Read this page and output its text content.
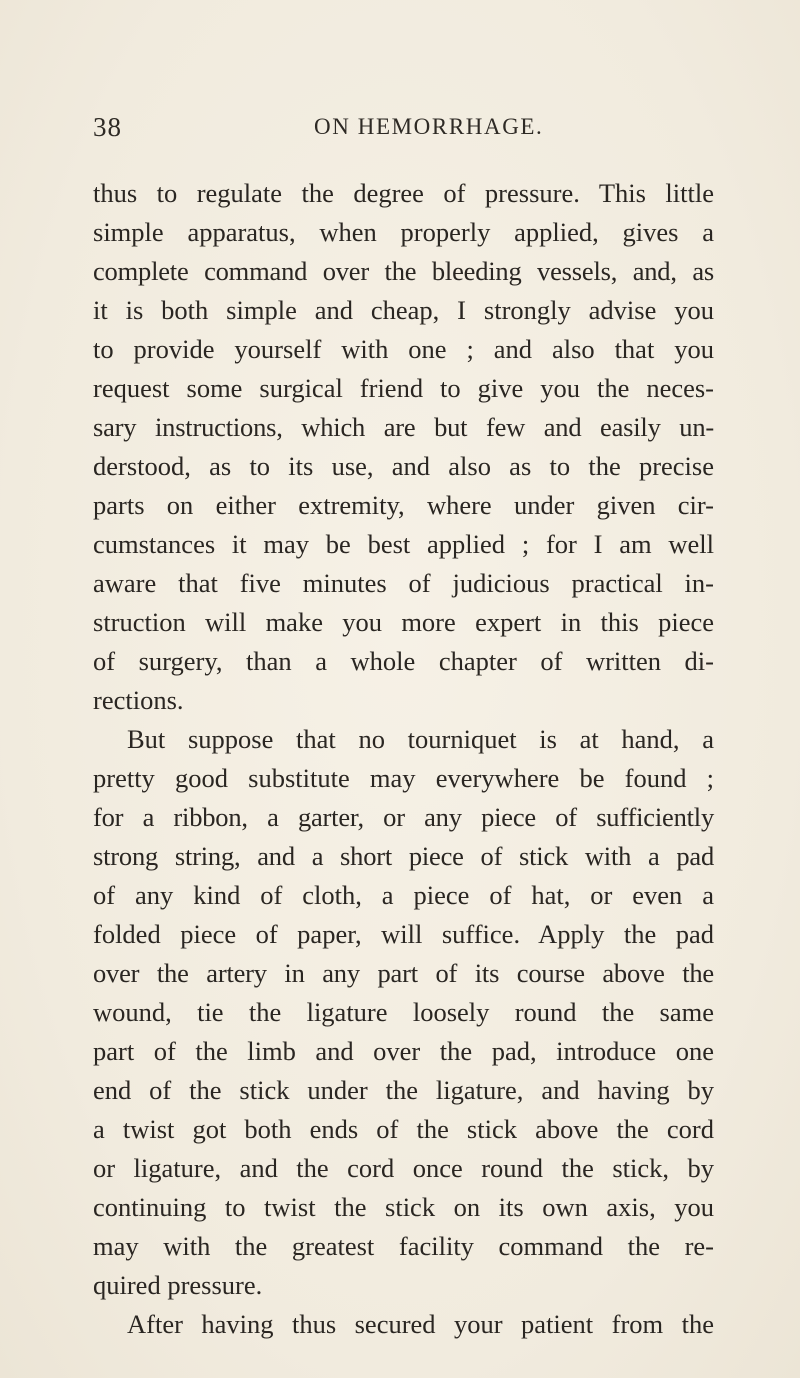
38	ON HEMORRHAGE.
thus to regulate the degree of pressure. This little
simple apparatus, when properly applied, gives a
complete command over the bleeding vessels, and, as
it is both simple and cheap, I strongly advise you
to provide yourself with one ; and also that you
request some surgical friend to give you the neces-
sary instructions, which are but few and easily un-
derstood, as to its use, and also as to the precise
parts on either extremity, where under given cir-
cumstances it may be best applied ; for I am well
aware that five minutes of judicious practical in-
struction will make you more expert in this piece
of surgery, than a whole chapter of written di-
rections.
But suppose that no tourniquet is at hand, a
pretty good substitute may everywhere be found ;
for a ribbon, a garter, or any piece of sufficiently
strong string, and a short piece of stick with a pad
of any kind of cloth, a piece of hat, or even a
folded piece of paper, will suffice. Apply the pad
over the artery in any part of its course above the
wound, tie the ligature loosely round the same
part of the limb and over the pad, introduce one
end of the stick under the ligature, and having by
a twist got both ends of the stick above the cord
or ligature, and the cord once round the stick, by
continuing to twist the stick on its own axis, you
may with the greatest facility command the re-
quired pressure.
After having thus secured your patient from the
